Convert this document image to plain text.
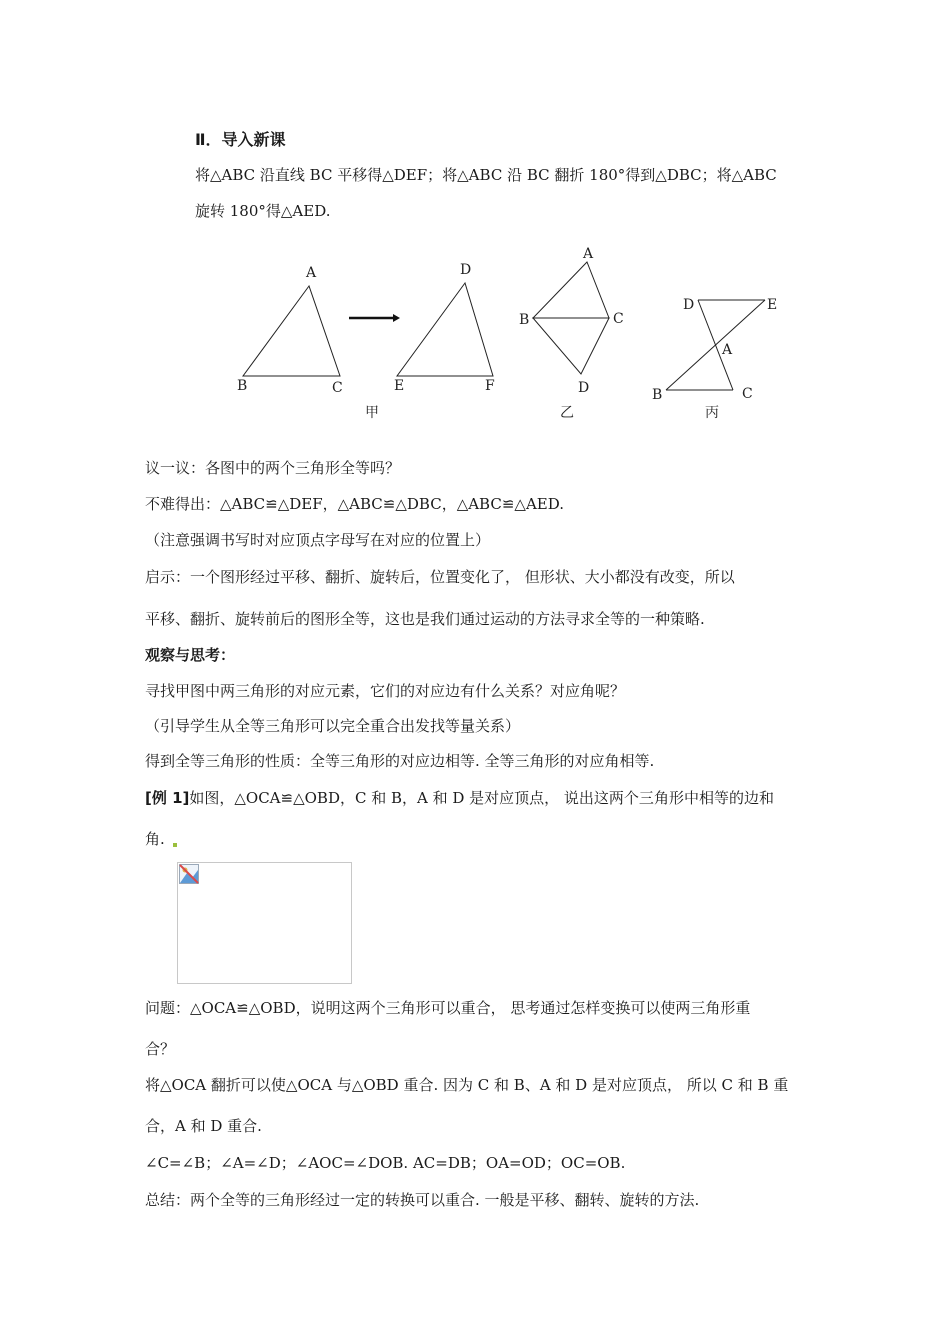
Ⅱ．导入新课
将△ABC 沿直线 BC 平移得△DEF；将△ABC 沿 BC 翻折 180°得到△DBC；将△ABC
旋转 180°得△AED.
A
B	C
D
E	F
甲
A
B	C
D
乙
D	E
A
B	C
丙
议一议：各图中的两个三角形全等吗？
不难得出：△ABC≌△DEF，△ABC≌△DBC，△ABC≌△AED.
（注意强调书写时对应顶点字母写在对应的位置上）
启示：一个图形经过平移、翻折、旋转后，位置变化了， 但形状、大小都没有改变，所以
平移、翻折、旋转前后的图形全等，这也是我们通过运动的方法寻求全等的一种策略.
观察与思考：
寻找甲图中两三角形的对应元素，它们的对应边有什么关系？对应角呢？
（引导学生从全等三角形可以完全重合出发找等量关系）
得到全等三角形的性质：全等三角形的对应边相等. 全等三角形的对应角相等.
[例 1]如图，△OCA≌△OBD，C 和 B，A 和 D 是对应顶点， 说出这两个三角形中相等的边和
角.
问题：△OCA≌△OBD，说明这两个三角形可以重合， 思考通过怎样变换可以使两三角形重
合？
将△OCA 翻折可以使△OCA 与△OBD 重合. 因为 C 和 B、A 和 D 是对应顶点， 所以 C 和 B 重
合，A 和 D 重合.
∠C=∠B；∠A=∠D；∠AOC=∠DOB. AC=DB；OA=OD；OC=OB.
总结：两个全等的三角形经过一定的转换可以重合. 一般是平移、翻转、旋转的方法.
